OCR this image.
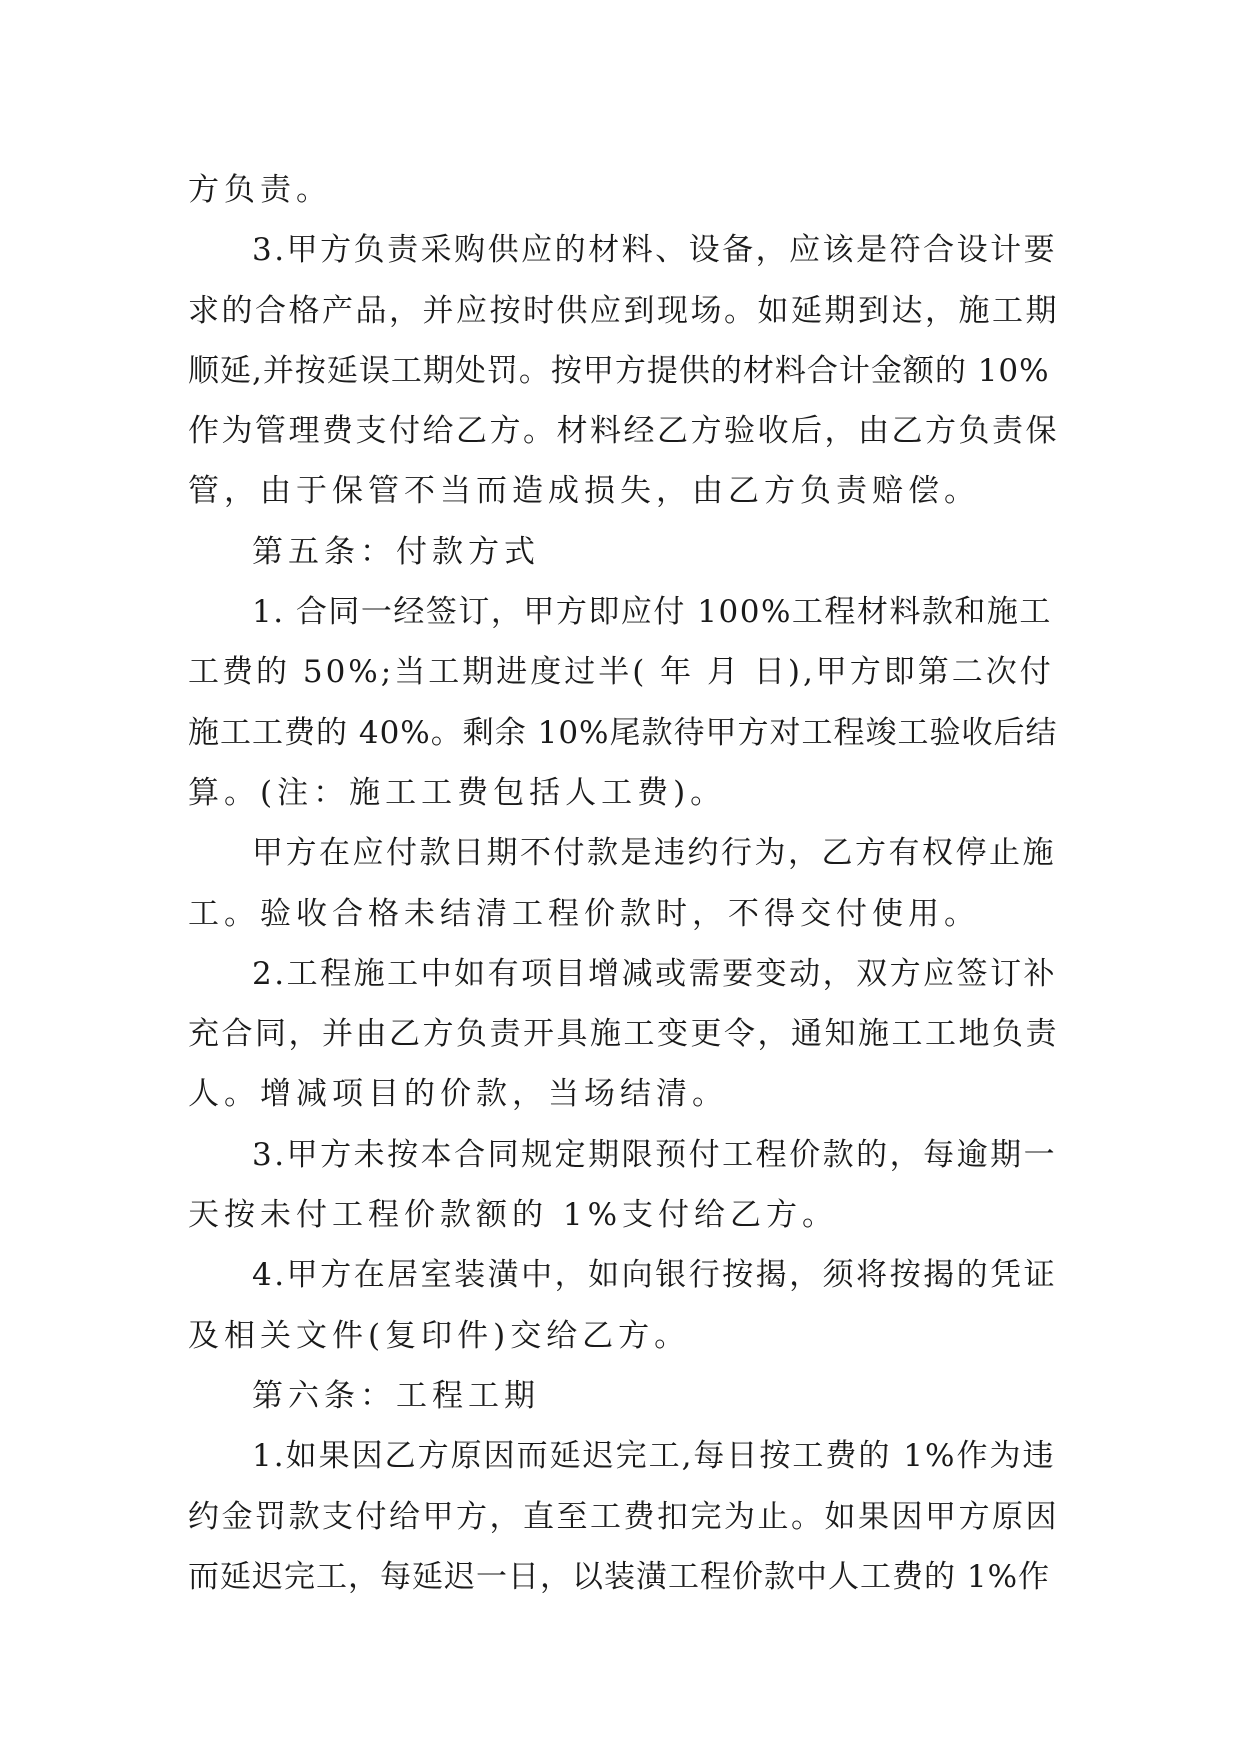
方负责。
3.甲方负责采购供应的材料、设备，应该是符合设计要
求的合格产品，并应按时供应到现场。如延期到达，施工期
顺延,并按延误工期处罚。按甲方提供的材料合计金额的 10%
作为管理费支付给乙方。材料经乙方验收后，由乙方负责保
管，由于保管不当而造成损失，由乙方负责赔偿。
第五条：付款方式
1. 合同一经签订，甲方即应付 100%工程材料款和施工
工费的 50%;当工期进度过半( 年 月 日),甲方即第二次付
施工工费的 40%。剩余 10%尾款待甲方对工程竣工验收后结
算。(注：施工工费包括人工费)。
甲方在应付款日期不付款是违约行为，乙方有权停止施
工。验收合格未结清工程价款时，不得交付使用。
2.工程施工中如有项目增减或需要变动，双方应签订补
充合同，并由乙方负责开具施工变更令，通知施工工地负责
人。增减项目的价款，当场结清。
3.甲方未按本合同规定期限预付工程价款的，每逾期一
天按未付工程价款额的 1%支付给乙方。
4.甲方在居室装潢中，如向银行按揭，须将按揭的凭证
及相关文件(复印件)交给乙方。
第六条：工程工期
1.如果因乙方原因而延迟完工,每日按工费的 1%作为违
约金罚款支付给甲方，直至工费扣完为止。如果因甲方原因
而延迟完工，每延迟一日，以装潢工程价款中人工费的 1%作
